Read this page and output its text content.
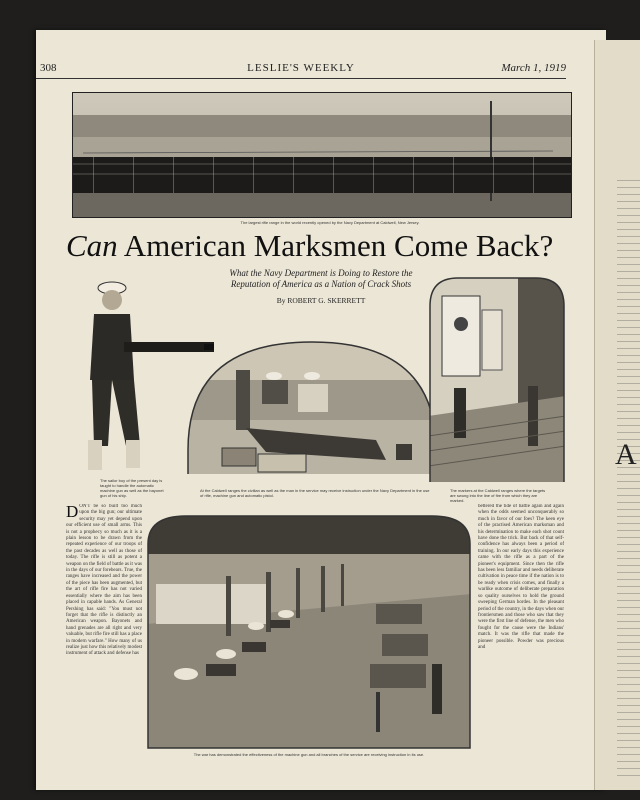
A
308	LESLIE'S WEEKLY	March 1, 1919
The largest rifle range in the world recently opened by the Navy Department at Caldwell, New Jersey.
Can American Marksmen Come Back?
What the Navy Department is Doing to Restore the Reputation of America as a Nation of Crack Shots
By ROBERT G. SKERRETT
The sailor boy of the present day is taught to handle the automatic machine gun as well as the bayonet gun of his ship.
At the Caldwell ranges the civilian as well as the man in the service may receive instruction under the Navy Department in the use of rifle, machine gun and automatic pistol.
The markers at the Caldwell ranges where the targets are swung into the line of fire from which they are marked.

DON'T be so built too much upon the big gun; our ultimate security may yet depend upon our efficient use of small arms. This is not a prophecy so much as it is a plain lesson to be drawn from the repeated experience of our troops of the past decades as well as those of today. The rifle is still as potent a weapon on the field of battle as it was in the days of our forebears. True, the ranges have increased and the power of the piece has been augmented, but the art of rifle fire has not varied essentially where the aim has been placed in capable hands. As General Pershing has said: "You must not forget that the rifle is distinctly an American weapon. Bayonets and hand grenades are all right and very valuable, but rifle fire still has a place in modern warfare." How many of us realize just how this relatively modest instrument of attack and defense has

The war has demonstrated the effectiveness of the machine gun and all branches of the service are receiving instruction in its use.

bettered the tide of battle again and again when the odds seemed unconquerably so much in favor of our foes? The keen eye of the practised American marksman and his determination to make each shot count have done the trick. But back of that self-confidence has always been a period of training. In our early days this experience came with the rifle as a part of the pioneer's equipment. Since then the rifle has been less familiar and needs deliberate cultivation in peace time if the nation is to be ready when crisis comes, and finally a warlike outcome of deliberate preparation so quality ourselves to hold the ground sweeping German hordes. In the pleasant period of the country, in the days when our frontiersmen and those who saw that they were the first line of defense, the men who fought for the cause were the Indians' match. It was the rifle that made the pioneer possible. Powder was precious and
